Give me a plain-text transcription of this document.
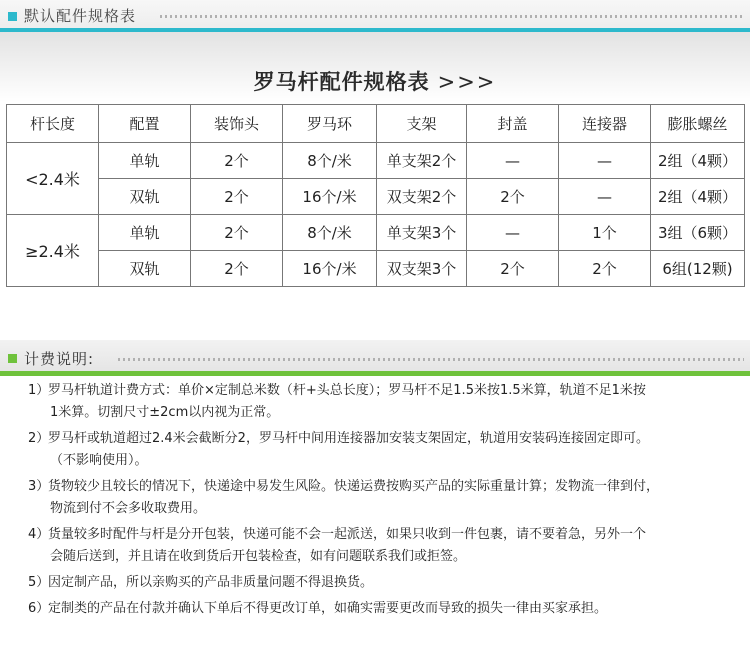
默认配件规格表
罗马杆配件规格表 >>>
杆长度	配置	装饰头	罗马环	支架	封盖	连接器	膨胀螺丝
<2.4米	单轨	2个	8个/米	单支架2个	—	—	2组（4颗）
	双轨	2个	16个/米	双支架2个	2个	—	2组（4颗）
≥2.4米	单轨	2个	8个/米	单支架3个	—	1个	3组（6颗）
	双轨	2个	16个/米	双支架3个	2个	2个	6组(12颗)
计费说明:
1）罗马杆轨道计费方式：单价×定制总米数（杆+头总长度）；罗马杆不足1.5米按1.5米算，轨道不足1米按
1米算。切割尺寸±2cm以内视为正常。
2）罗马杆或轨道超过2.4米会截断分2，罗马杆中间用连接器加安装支架固定，轨道用安装码连接固定即可。
（不影响使用）。
3）货物较少且较长的情况下，快递途中易发生风险。快递运费按购买产品的实际重量计算；发物流一律到付，
物流到付不会多收取费用。
4）货量较多时配件与杆是分开包装，快递可能不会一起派送，如果只收到一件包裹，请不要着急，另外一个
会随后送到，并且请在收到货后开包装检查，如有问题联系我们或拒签。
5）因定制产品，所以亲购买的产品非质量问题不得退换货。
6）定制类的产品在付款并确认下单后不得更改订单，如确实需要更改而导致的损失一律由买家承担。
